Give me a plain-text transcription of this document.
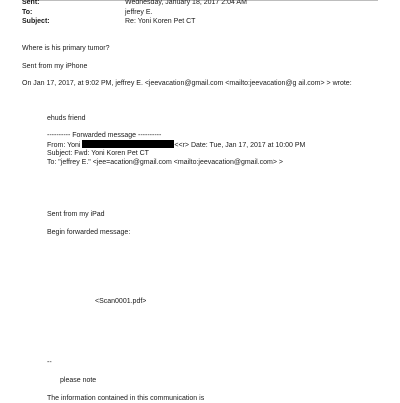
Sent:	Wednesday, January 18, 2017 2:04 AM
To:	jeffrey E.
Subject:	Re: Yoni Koren Pet CT
Where is his primary tumor?
Sent from my iPhone
On Jan 17, 2017, at 9:02 PM, jeffrey E. <jeevacation@gmail.com <mailto:jeevacation@g ail.com> > wrote:
ehuds friend
---------- Forwarded message ----------
From: Yoni	<<r> Date: Tue, Jan 17, 2017 at 10:00 PM
Subject: Fwd: Yoni Koren Pet CT
To: "jeffrey E." <jee=acation@gmail.com <mailto:jeevacation@gmail.com> >
Sent from my iPad
Begin forwarded message:
<Scan0001.pdf>
--
please note
The information contained in this communication is
